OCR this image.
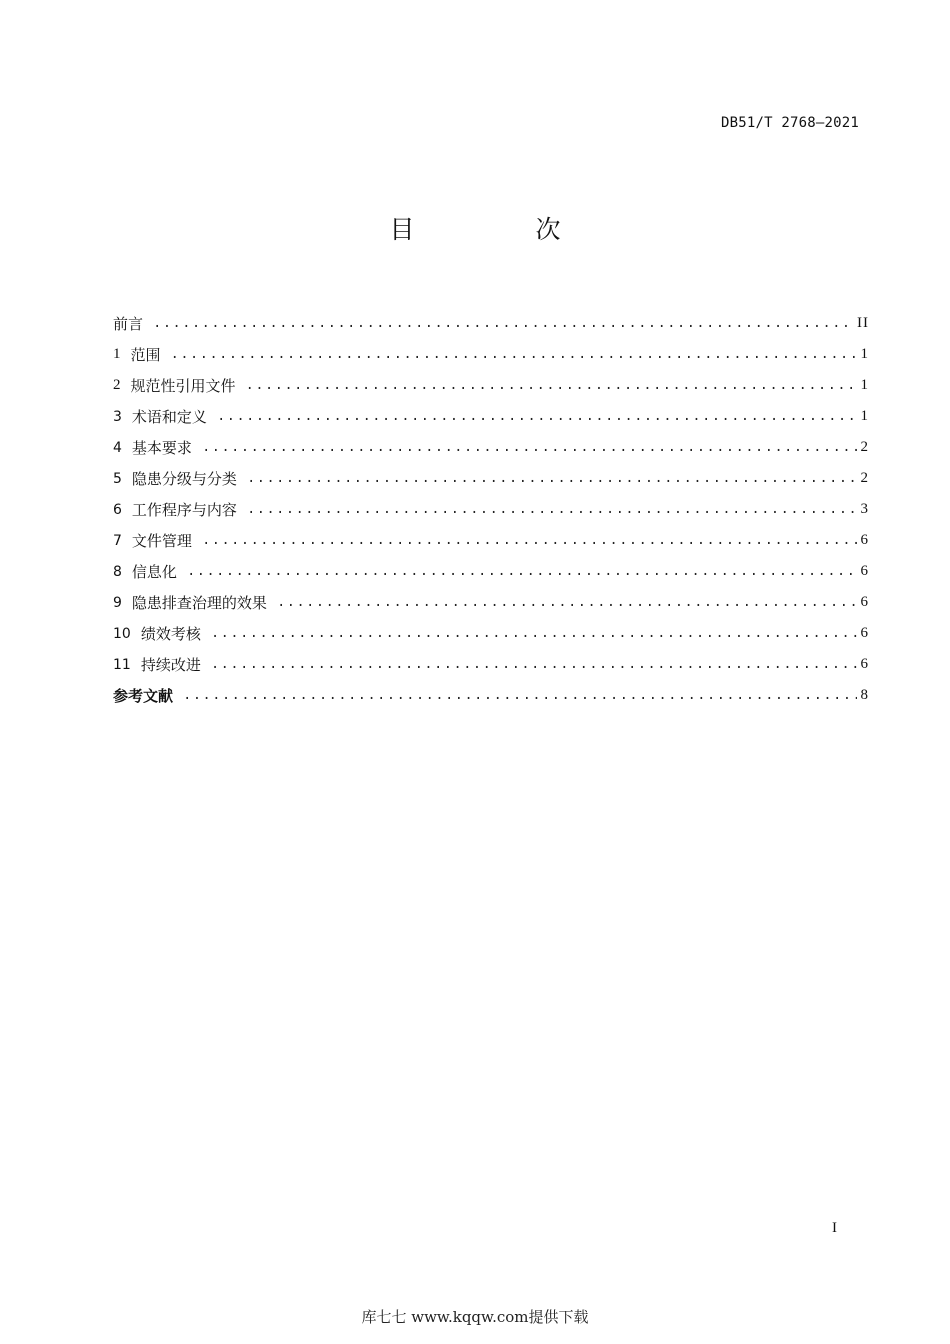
DB51/T 2768—2021
目　次
前言 .....	II
1 范围 .....	1
2 规范性引用文件 .....	1
3 术语和定义 .....	1
4 基本要求 .....	2
5 隐患分级与分类 .....	2
6 工作程序与内容 .....	3
7 文件管理 .....	6
8 信息化 .....	6
9 隐患排查治理的效果 .....	6
10 绩效考核 .....	6
11 持续改进 .....	6
参考文献 .....	8
I
库七七 www.kqqw.com提供下载
